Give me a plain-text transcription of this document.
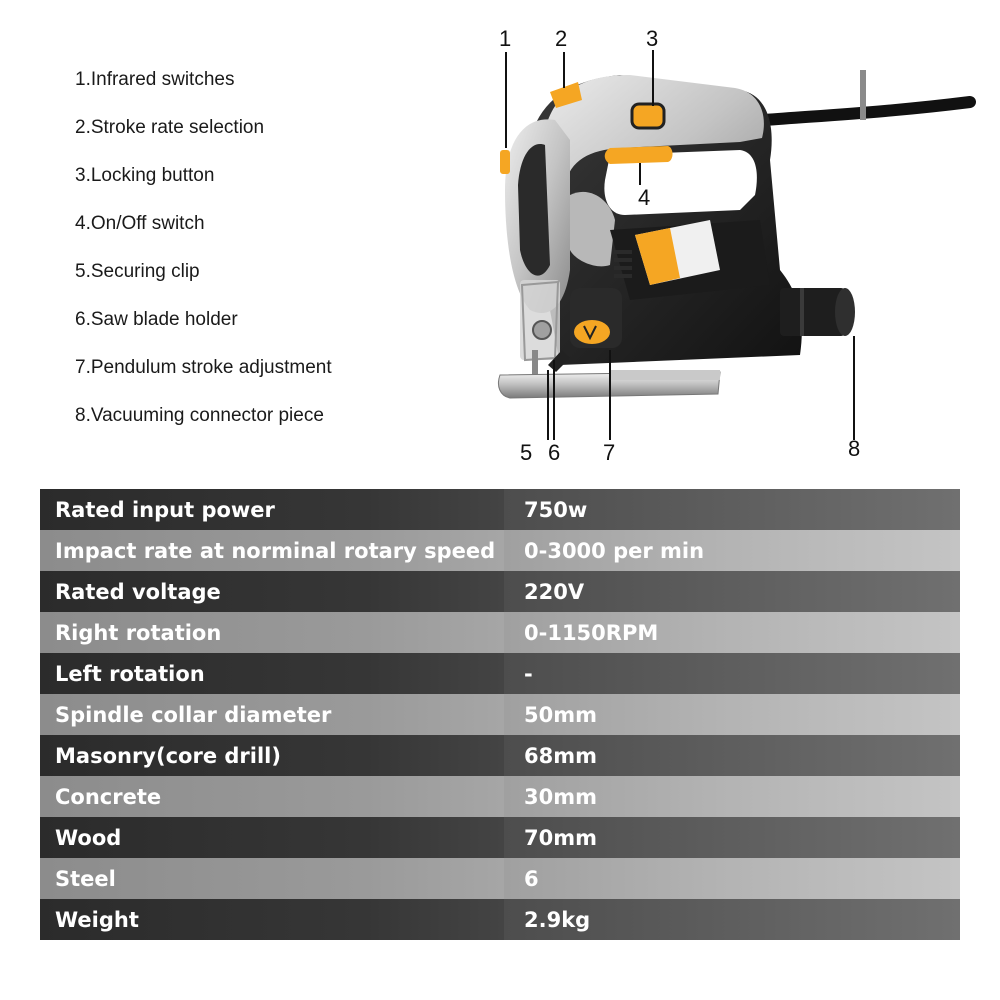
1.Infrared switches
2.Stroke rate selection
3.Locking button
4.On/Off switch
5.Securing clip
6.Saw blade holder
7.Pendulum stroke adjustment
8.Vacuuming connector piece
1 2	3
4
5 6 7	8
Rated input power	750w
Impact rate at norminal rotary speed	0-3000 per min
Rated voltage	220V
Right rotation	0-1150RPM
Left rotation	-
Spindle collar diameter	50mm
Masonry(core drill)	68mm
Concrete	30mm
Wood	70mm
Steel	6
Weight	2.9kg
